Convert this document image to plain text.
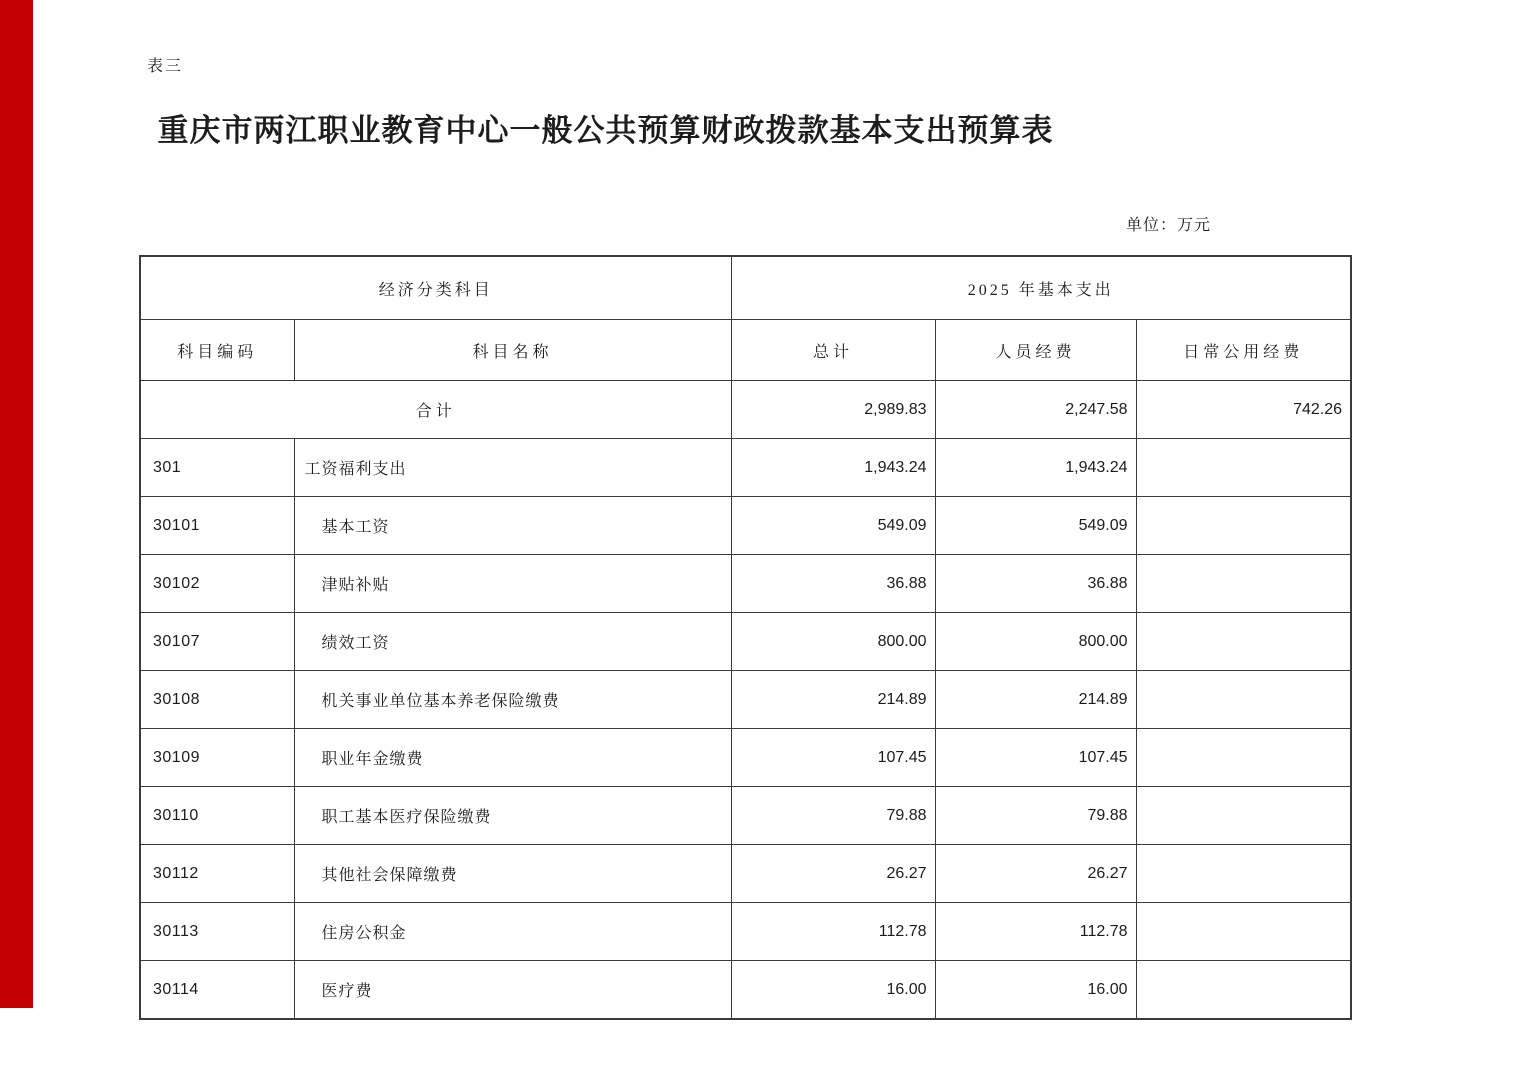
表三
重庆市两江职业教育中心一般公共预算财政拨款基本支出预算表
单位：万元
经济分类科目		2025 年基本支出		
科目编码	科目名称	总计	人员经费	日常公用经费
合计		2,989.83	2,247.58	742.26
301	工资福利支出	1,943.24	1,943.24	
30101	基本工资	549.09	549.09	
30102	津贴补贴	36.88	36.88	
30107	绩效工资	800.00	800.00	
30108	机关事业单位基本养老保险缴费	214.89	214.89	
30109	职业年金缴费	107.45	107.45	
30110	职工基本医疗保险缴费	79.88	79.88	
30112	其他社会保障缴费	26.27	26.27	
30113	住房公积金	112.78	112.78	
30114	医疗费	16.00	16.00	
